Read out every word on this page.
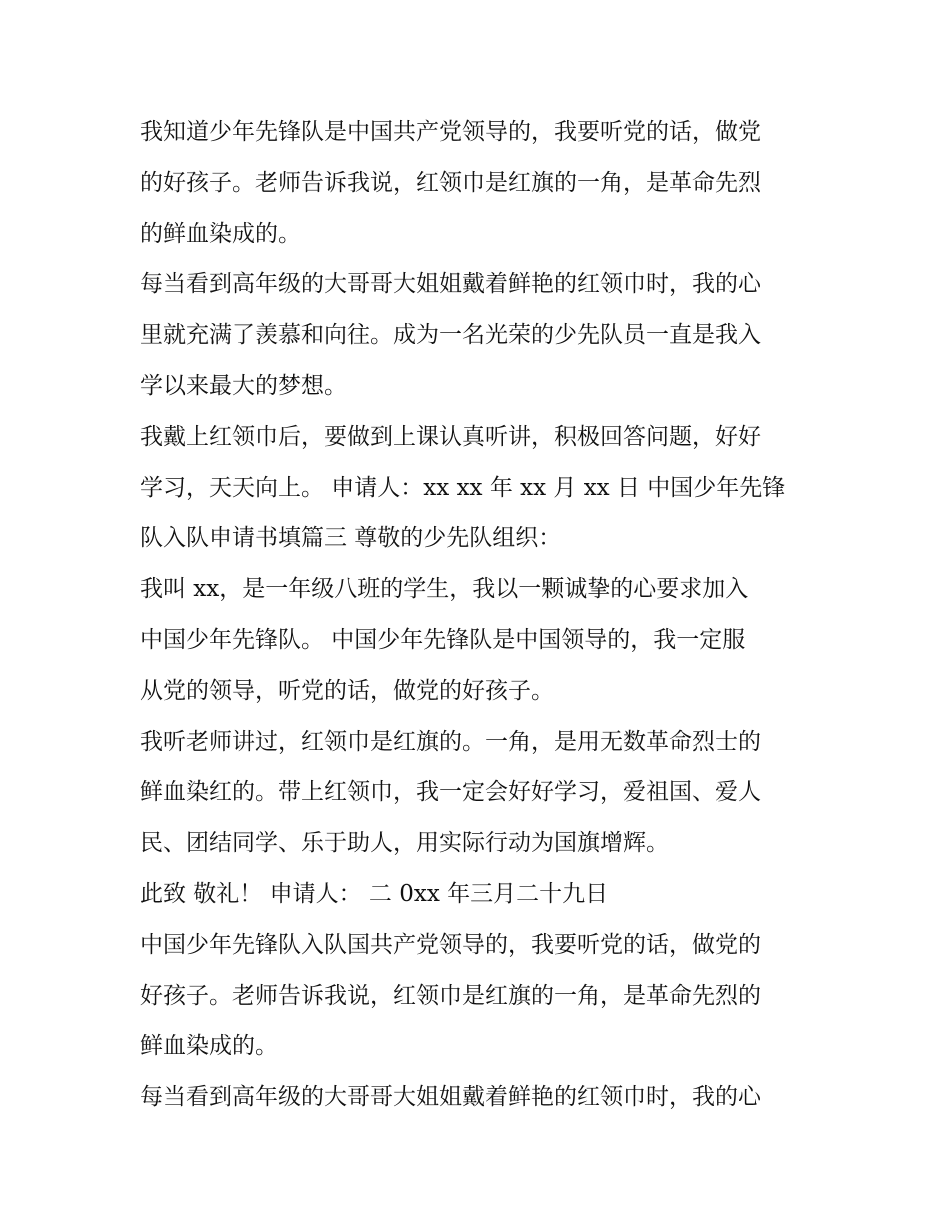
我知道少年先锋队是中国共产党领导的，我要听党的话，做党
的好孩子。老师告诉我说，红领巾是红旗的一角，是革命先烈
的鲜血染成的。
每当看到高年级的大哥哥大姐姐戴着鲜艳的红领巾时，我的心
里就充满了羡慕和向往。成为一名光荣的少先队员一直是我入
学以来最大的梦想。
我戴上红领巾后，要做到上课认真听讲，积极回答问题，好好
学习，天天向上。 申请人：xx xx 年 xx 月 xx 日 中国少年先锋
队入队申请书填篇三 尊敬的少先队组织：
我叫 xx，是一年级八班的学生，我以一颗诚挚的心要求加入
中国少年先锋队。 中国少年先锋队是中国领导的，我一定服
从党的领导，听党的话，做党的好孩子。
我听老师讲过，红领巾是红旗的。一角，是用无数革命烈士的
鲜血染红的。带上红领巾，我一定会好好学习，爱祖国、爱人
民、团结同学、乐于助人，用实际行动为国旗增辉。
此致 敬礼！ 申请人： 二 0xx 年三月二十九日
中国少年先锋队入队国共产党领导的，我要听党的话，做党的
好孩子。老师告诉我说，红领巾是红旗的一角，是革命先烈的
鲜血染成的。
每当看到高年级的大哥哥大姐姐戴着鲜艳的红领巾时，我的心
